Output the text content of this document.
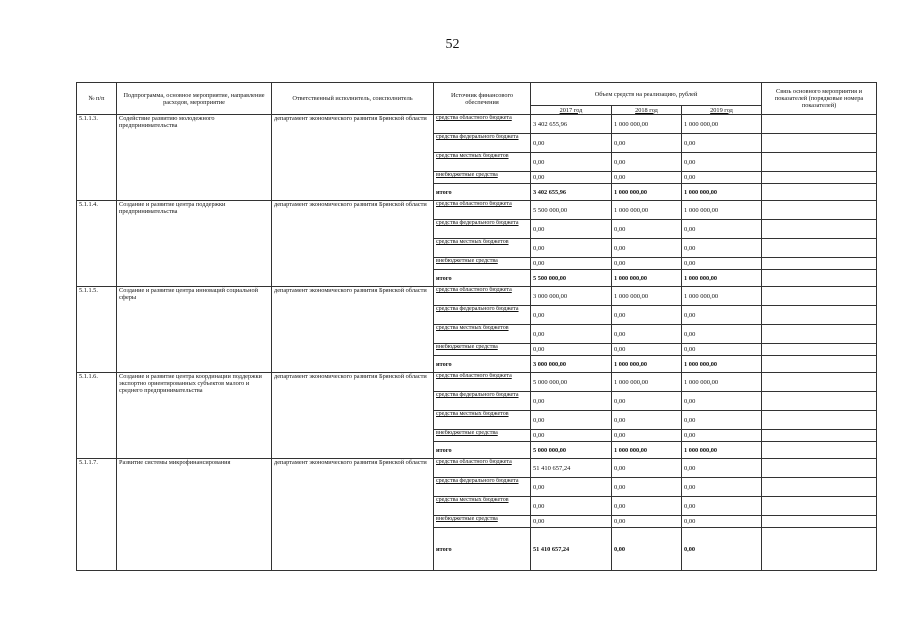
52
№ п/п	Подпрограмма, основное мероприятие, направление расходов, мероприятие	Ответственный исполнитель, соисполнитель	Источник финансового обеспечения	Объем средств на реализацию, рублей			Связь основного мероприятия и показателей (порядковые номера показателей)
				2017 год	2018 год	2019 год	
5.1.1.3.	Содействие развитию молодежного предпринимательства	департамент экономического развития Брянской области	средства областного бюджета	3 402 655,96	1 000 000,00	1 000 000,00	
			средства федерального бюджета	0,00	0,00	0,00	
			средства местных бюджетов	0,00	0,00	0,00	
			внебюджетные средства	0,00	0,00	0,00	
			итого	3 402 655,96	1 000 000,00	1 000 000,00	
5.1.1.4.	Создание и развитие центра поддержки предпринимательства	департамент экономического развития Брянской области	средства областного бюджета	5 500 000,00	1 000 000,00	1 000 000,00	
			средства федерального бюджета	0,00	0,00	0,00	
			средства местных бюджетов	0,00	0,00	0,00	
			внебюджетные средства	0,00	0,00	0,00	
			итого	5 500 000,00	1 000 000,00	1 000 000,00	
5.1.1.5.	Создание и развитие центра инноваций социальной сферы	департамент экономического развития Брянской области	средства областного бюджета	3 000 000,00	1 000 000,00	1 000 000,00	
			средства федерального бюджета	0,00	0,00	0,00	
			средства местных бюджетов	0,00	0,00	0,00	
			внебюджетные средства	0,00	0,00	0,00	
			итого	3 000 000,00	1 000 000,00	1 000 000,00	
5.1.1.6.	Создание и развитие центра координации поддержки экспортно ориентированных субъектов малого и среднего предпринимательства	департамент экономического развития Брянской области	средства областного бюджета	5 000 000,00	1 000 000,00	1 000 000,00	
			средства федерального бюджета	0,00	0,00	0,00	
			средства местных бюджетов	0,00	0,00	0,00	
			внебюджетные средства	0,00	0,00	0,00	
			итого	5 000 000,00	1 000 000,00	1 000 000,00	
5.1.1.7.	Развитие системы микрофинансирования	департамент экономического развития Брянской области	средства областного бюджета	51 410 657,24	0,00	0,00	
			средства федерального бюджета	0,00	0,00	0,00	
			средства местных бюджетов	0,00	0,00	0,00	
			внебюджетные средства	0,00	0,00	0,00	
			итого	51 410 657,24	0,00	0,00	
